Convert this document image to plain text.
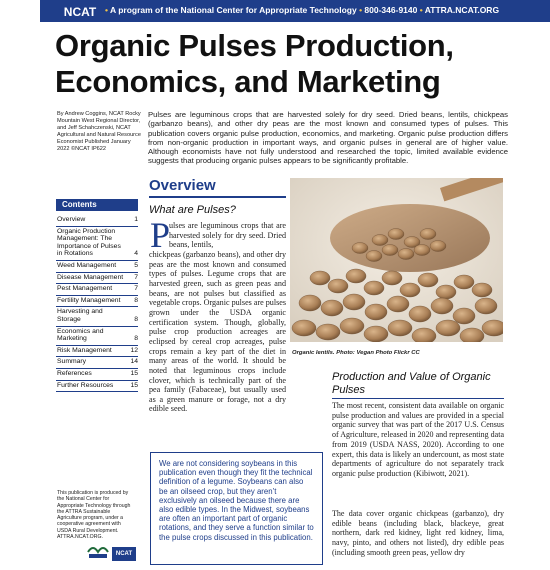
NCAT	• A program of the National Center for Appropriate Technology • 800-346-9140 • ATTRA.NCAT.ORG
Organic Pulses Production, Economics, and Marketing
By Andrew Coggins, NCAT Rocky Mountain West Regional Director, and Jeff Schahczenski, NCAT Agricultural and Natural Resource Economist Published January 2022 ©NCAT IP622
Pulses are leguminous crops that are harvested solely for dry seed. Dried beans, lentils, chickpeas (garbanzo beans), and other dry peas are the most known and consumed types of pulses. This publication covers organic pulse production, economics, and marketing. Organic pulse production differs from non-organic production in important ways, and organic pulses in general are of higher value. Although economists have not fully understood and researched the topic, limited available evidence suggests that producing organic pulses appears to be significantly profitable.
Contents
Overview	1
Organic Production Management: The Importance of Pulses in Rotations	4
Weed Management	5
Disease Management	7
Pest Management	7
Fertility Management	8
Harvesting and Storage	8
Economics and Marketing	8
Risk Management	12
Summary	14
References	15
Further Resources	15
This publication is produced by the National Center for Appropriate Technology through the ATTRA Sustainable Agriculture program, under a cooperative agreement with USDA Rural Development. ATTRA.NCAT.ORG.
NCAT
Overview
What are Pulses?
P
ulses are leguminous crops that are harvested solely for dry seed. Dried beans, lentils,
chickpeas (garbanzo beans), and other dry peas are the most known and consumed types of pulses. Legume crops that are harvested green, such as green peas and beans, are not pulses but classified as vegetable crops. Organic pulses are pulses grown under the USDA organic certification system. Though, globally, pulse crop production acreages are eclipsed by cereal crop acreages, pulse crops remain a key part of the diet in many areas of the world. It should be noted that leguminous crops include clover, which is technically part of the pea family (Fabaceae), but usually used as a green manure or forage, not a dry edible seed.
We are not considering soybeans in this publication even though they fit the technical definition of a legume. Soybeans can also be an oilseed crop, but they aren’t exclusively an oilseed because there are also edible types. In the Midwest, soybeans are often an important part of organic rotations, and they serve a function similar to the pulse crops discussed in this publication.
Organic lentils. Photo: Vegan Photo Flickr CC
Production and Value of Organic Pulses
The most recent, consistent data available on organic pulse production and values are provided in a special organic survey that was part of the 2017 U.S. Census of Agriculture, released in 2020 and representing data from 2019 (USDA NASS, 2020). According to one expert, this data is likely an undercount, as most state departments of agriculture do not separately track organic pulse production (Kibiwott, 2021).
The data cover organic chickpeas (garbanzo), dry edible beans (including black, blackeye, great northern, dark red kidney, light red kidney, lima, navy, pinto, and others not listed), dry edible peas (including smooth green peas, yellow dry
